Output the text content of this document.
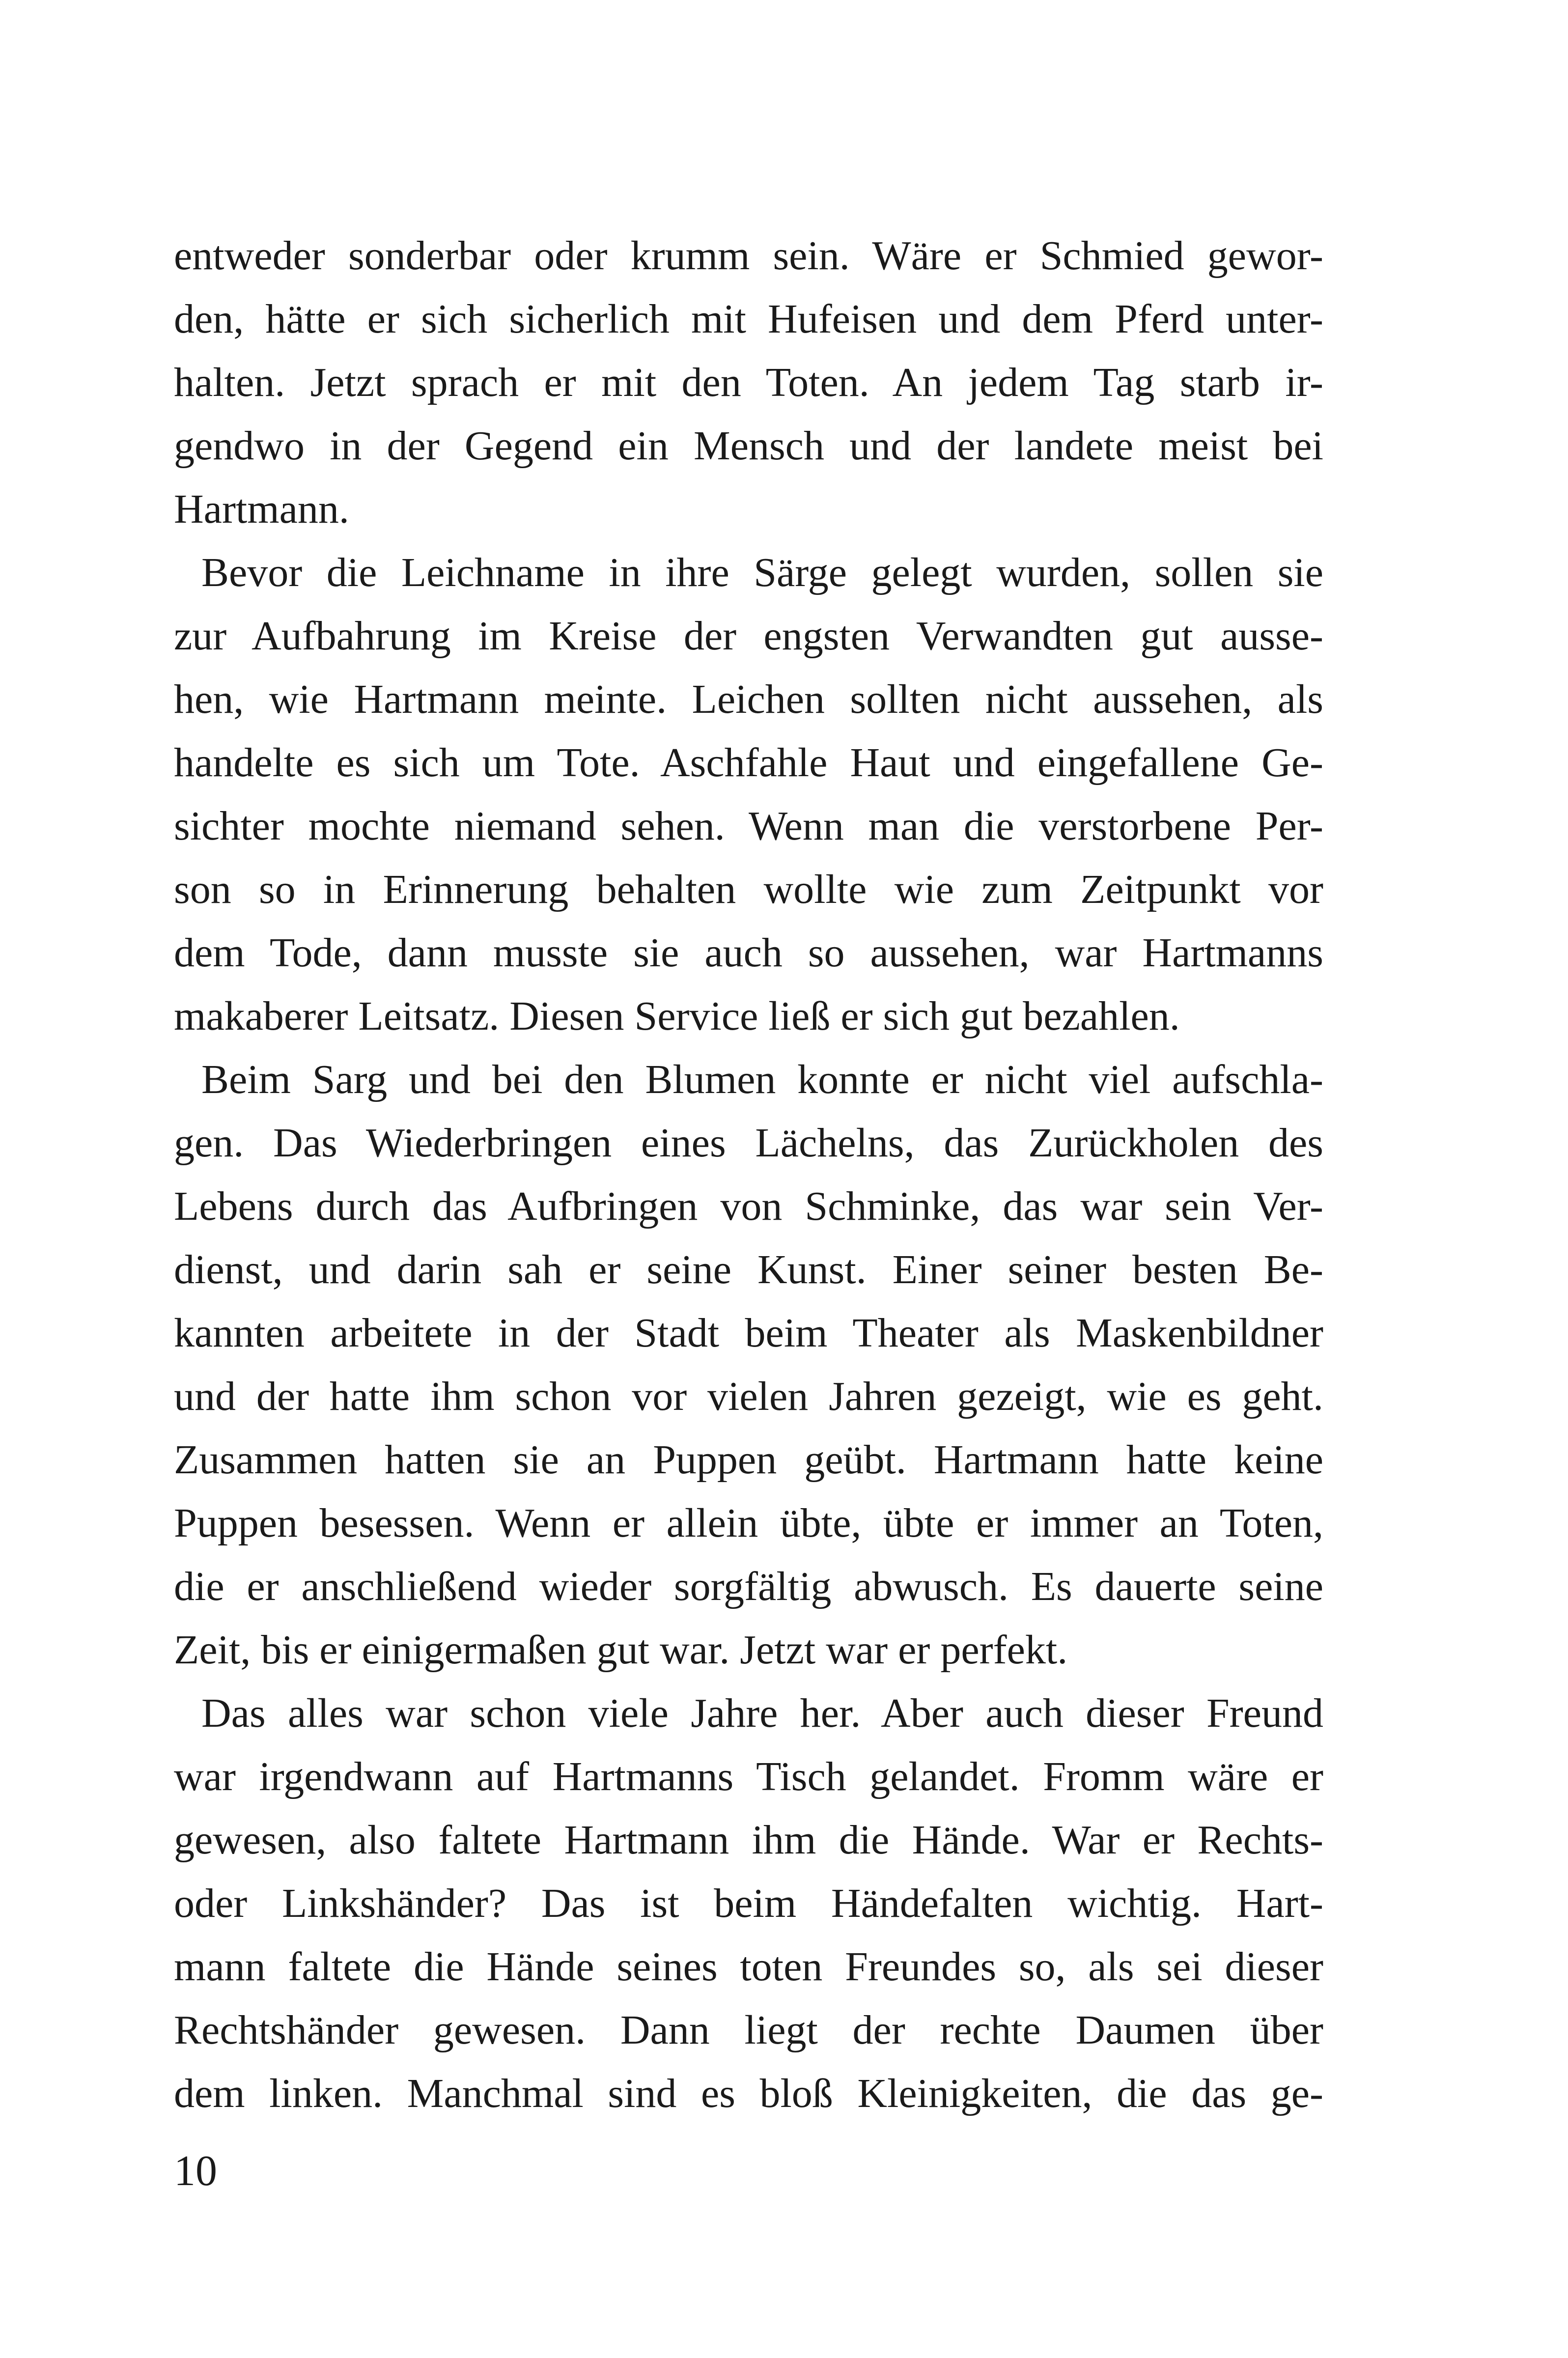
entweder sonderbar oder krumm sein. Wäre er Schmied gewor-
den, hätte er sich sicherlich mit Hufeisen und dem Pferd unter-
halten. Jetzt sprach er mit den Toten. An jedem Tag starb ir-
gendwo in der Gegend ein Mensch und der landete meist bei
Hartmann.
Bevor die Leichname in ihre Särge gelegt wurden, sollen sie
zur Aufbahrung im Kreise der engsten Verwandten gut ausse-
hen, wie Hartmann meinte. Leichen sollten nicht aussehen, als
handelte es sich um Tote. Aschfahle Haut und eingefallene Ge-
sichter mochte niemand sehen. Wenn man die verstorbene Per-
son so in Erinnerung behalten wollte wie zum Zeitpunkt vor
dem Tode, dann musste sie auch so aussehen, war Hartmanns
makaberer Leitsatz. Diesen Service ließ er sich gut bezahlen.
Beim Sarg und bei den Blumen konnte er nicht viel aufschla-
gen. Das Wiederbringen eines Lächelns, das Zurückholen des
Lebens durch das Aufbringen von Schminke, das war sein Ver-
dienst, und darin sah er seine Kunst. Einer seiner besten Be-
kannten arbeitete in der Stadt beim Theater als Maskenbildner
und der hatte ihm schon vor vielen Jahren gezeigt, wie es geht.
Zusammen hatten sie an Puppen geübt. Hartmann hatte keine
Puppen besessen. Wenn er allein übte, übte er immer an Toten,
die er anschließend wieder sorgfältig abwusch. Es dauerte seine
Zeit, bis er einigermaßen gut war. Jetzt war er perfekt.
Das alles war schon viele Jahre her. Aber auch dieser Freund
war irgendwann auf Hartmanns Tisch gelandet. Fromm wäre er
gewesen, also faltete Hartmann ihm die Hände. War er Rechts-
oder Linkshänder? Das ist beim Händefalten wichtig. Hart-
mann faltete die Hände seines toten Freundes so, als sei dieser
Rechtshänder gewesen. Dann liegt der rechte Daumen über
dem linken. Manchmal sind es bloß Kleinigkeiten, die das ge-
10
